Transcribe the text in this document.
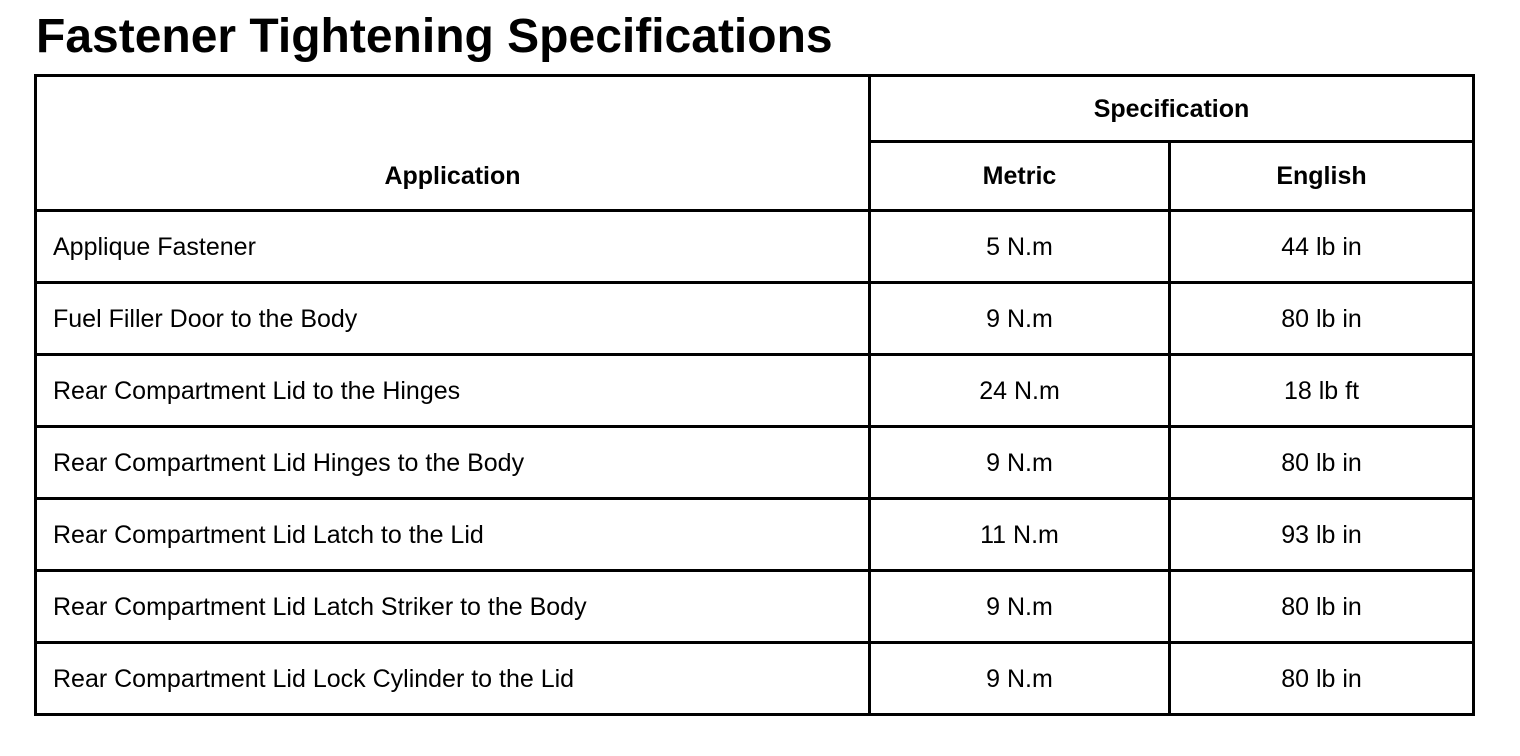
Fastener Tightening Specifications
Application	Specification	
	Metric	English
Applique Fastener	5 N.m	44 lb in
Fuel Filler Door to the Body	9 N.m	80 lb in
Rear Compartment Lid to the Hinges	24 N.m	18 lb ft
Rear Compartment Lid Hinges to the Body	9 N.m	80 lb in
Rear Compartment Lid Latch to the Lid	11 N.m	93 lb in
Rear Compartment Lid Latch Striker to the Body	9 N.m	80 lb in
Rear Compartment Lid Lock Cylinder to the Lid	9 N.m	80 lb in
